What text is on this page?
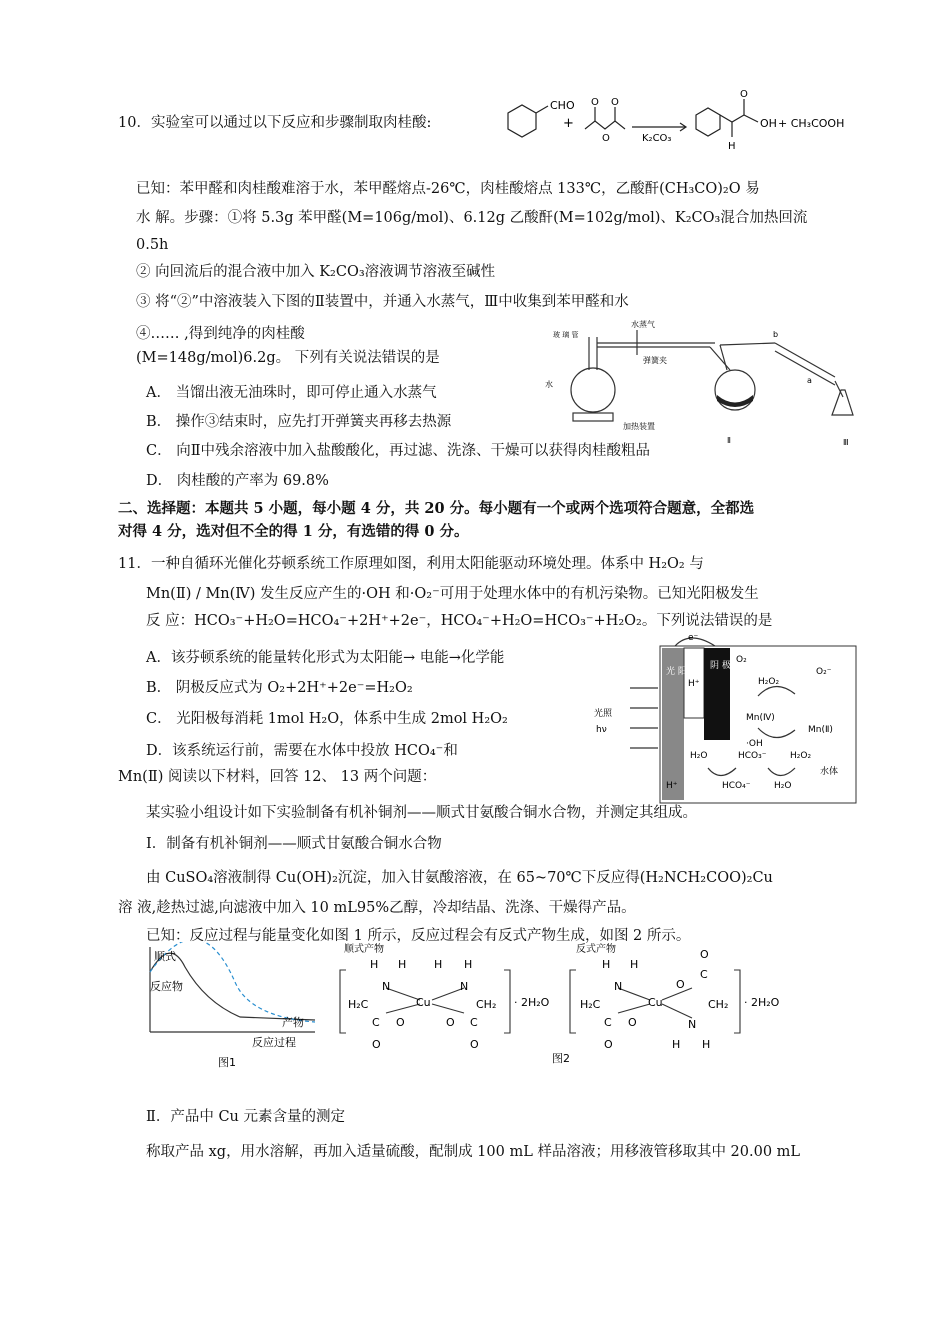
10．实验室可以通过以下反应和步骤制取肉桂酸:
CHO
+
O O
O	K₂CO₃
O
OH
H
+ CH₃COOH
已知：苯甲醛和肉桂酸难溶于水，苯甲醛熔点-26℃，肉桂酸熔点 133℃，乙酸酐(CH₃CO)₂O 易
水 解。步骤：①将 5.3g 苯甲醛(M=106g/mol)、6.12g 乙酸酐(M=102g/mol)、K₂CO₃混合加热回流
0.5h
② 向回流后的混合液中加入 K₂CO₃溶液调节溶液至碱性
③ 将“②”中溶液装入下图的Ⅱ装置中，并通入水蒸气，Ⅲ中收集到苯甲醛和水
④…… ,得到纯净的肉桂酸
(M=148g/mol)6.2g。 下列有关说法错误的是
A． 当馏出液无油珠时，即可停止通入水蒸气
B． 操作③结束时，应先打开弹簧夹再移去热源
C． 向Ⅱ中残余溶液中加入盐酸酸化，再过滤、洗涤、干燥可以获得肉桂酸粗品
D． 肉桂酸的产率为 69.8%
玻 璃 管
水蒸气
弹簧夹
水
加热装置
b
a
Ⅱ	Ⅲ
二、选择题：本题共 5 小题，每小题 4 分，共 20 分。每小题有一个或两个选项符合题意，全都选
对得 4 分，选对但不全的得 1 分，有选错的得 0 分。
11．一种自循环光催化芬顿系统工作原理如图，利用太阳能驱动环境处理。体系中 H₂O₂ 与
Mn(Ⅱ) / Mn(Ⅳ) 发生反应产生的·OH 和·O₂⁻可用于处理水体中的有机污染物。已知光阳极发生
反 应：HCO₃⁻+H₂O=HCO₄⁻+2H⁺+2e⁻，HCO₄⁻+H₂O=HCO₃⁻+H₂O₂。下列说法错误的是
A．该芬顿系统的能量转化形式为太阳能→ 电能→化学能
B． 阴极反应式为 O₂+2H⁺+2e⁻=H₂O₂
C． 光阳极每消耗 1mol H₂O，体系中生成 2mol H₂O₂
D．该系统运行前，需要在水体中投放 HCO₄⁻和
Mn(Ⅱ) 阅读以下材料，回答 12、 13 两个问题：
e⁻
光 阳 极
阴 极
H⁺
光照
hν
O₂
O₂⁻
H₂O₂
Mn(Ⅳ)
Mn(Ⅱ)
·OH
H₂O	HCO₃⁻	H₂O₂
H⁺	HCO₄⁻	H₂O
水体
某实验小组设计如下实验制备有机补铜剂——顺式甘氨酸合铜水合物，并测定其组成。
Ⅰ．制备有机补铜剂——顺式甘氨酸合铜水合物
由 CuSO₄溶液制得 Cu(OH)₂沉淀，加入甘氨酸溶液，在 65~70℃下反应得(H₂NCH₂COO)₂Cu
溶 液,趁热过滤,向滤液中加入 10 mL95%乙醇，冷却结晶、洗涤、干燥得产品。
已知：反应过程与能量变化如图 1 所示，反应过程会有反式产物生成，如图 2 所示。
顺式
反应物
产物
反应过程
图1
顺式产物	反式产物
H H	H H
N	N
H₂C	Cu	CH₂
C O	O C
O	O
· 2H₂O
H H
N
H₂C	Cu
O
C
O
CH₂
N
H H
C O
O
· 2H₂O
图2
Ⅱ．产品中 Cu 元素含量的测定
称取产品 xg，用水溶解，再加入适量硫酸，配制成 100 mL 样品溶液；用移液管移取其中 20.00 mL
